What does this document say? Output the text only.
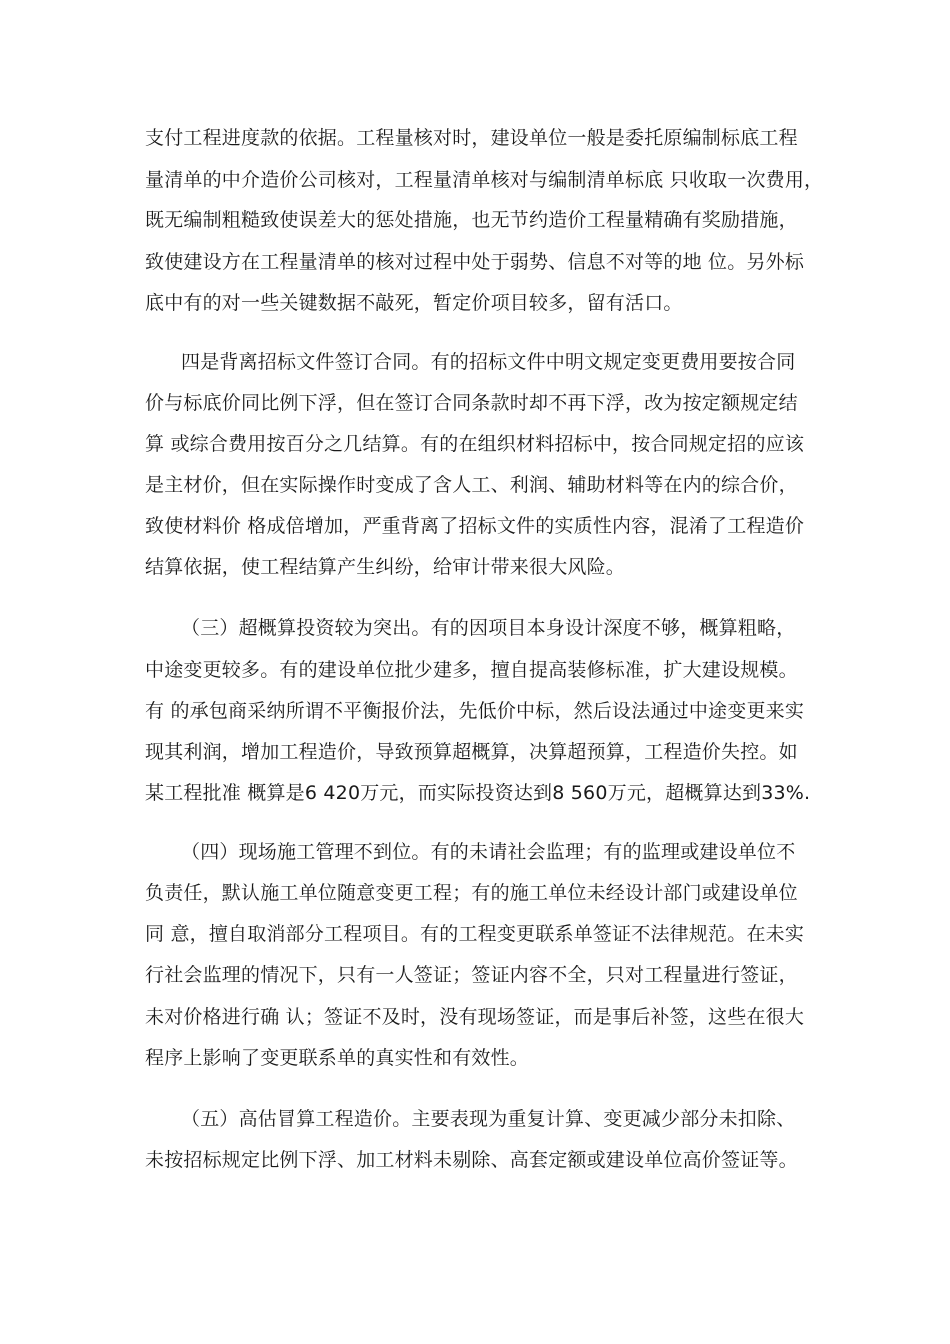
支付工程进度款的依据。工程量核对时，建设单位一般是委托原编制标底工程
量清单的中介造价公司核对，工程量清单核对与编制清单标底 只收取一次费用，
既无编制粗糙致使误差大的惩处措施，也无节约造价工程量精确有奖励措施，
致使建设方在工程量清单的核对过程中处于弱势、信息不对等的地 位。另外标
底中有的对一些关键数据不敲死，暂定价项目较多，留有活口。
四是背离招标文件签订合同。有的招标文件中明文规定变更费用要按合同
价与标底价同比例下浮，但在签订合同条款时却不再下浮，改为按定额规定结
算 或综合费用按百分之几结算。有的在组织材料招标中，按合同规定招的应该
是主材价，但在实际操作时变成了含人工、利润、辅助材料等在内的综合价，
致使材料价 格成倍增加，严重背离了招标文件的实质性内容，混淆了工程造价
结算依据，使工程结算产生纠纷，给审计带来很大风险。
（三）超概算投资较为突出。有的因项目本身设计深度不够，概算粗略，
中途变更较多。有的建设单位批少建多，擅自提高装修标准，扩大建设规模。
有 的承包商采纳所谓不平衡报价法，先低价中标，然后设法通过中途变更来实
现其利润，增加工程造价，导致预算超概算，决算超预算，工程造价失控。如
某工程批准 概算是6 420万元，而实际投资达到8 560万元，超概算达到33%.
（四）现场施工管理不到位。有的未请社会监理；有的监理或建设单位不
负责任，默认施工单位随意变更工程；有的施工单位未经设计部门或建设单位
同 意，擅自取消部分工程项目。有的工程变更联系单签证不法律规范。在未实
行社会监理的情况下，只有一人签证；签证内容不全，只对工程量进行签证，
未对价格进行确 认；签证不及时，没有现场签证，而是事后补签，这些在很大
程序上影响了变更联系单的真实性和有效性。
（五）高估冒算工程造价。主要表现为重复计算、变更减少部分未扣除、
未按招标规定比例下浮、加工材料未剔除、高套定额或建设单位高价签证等。
